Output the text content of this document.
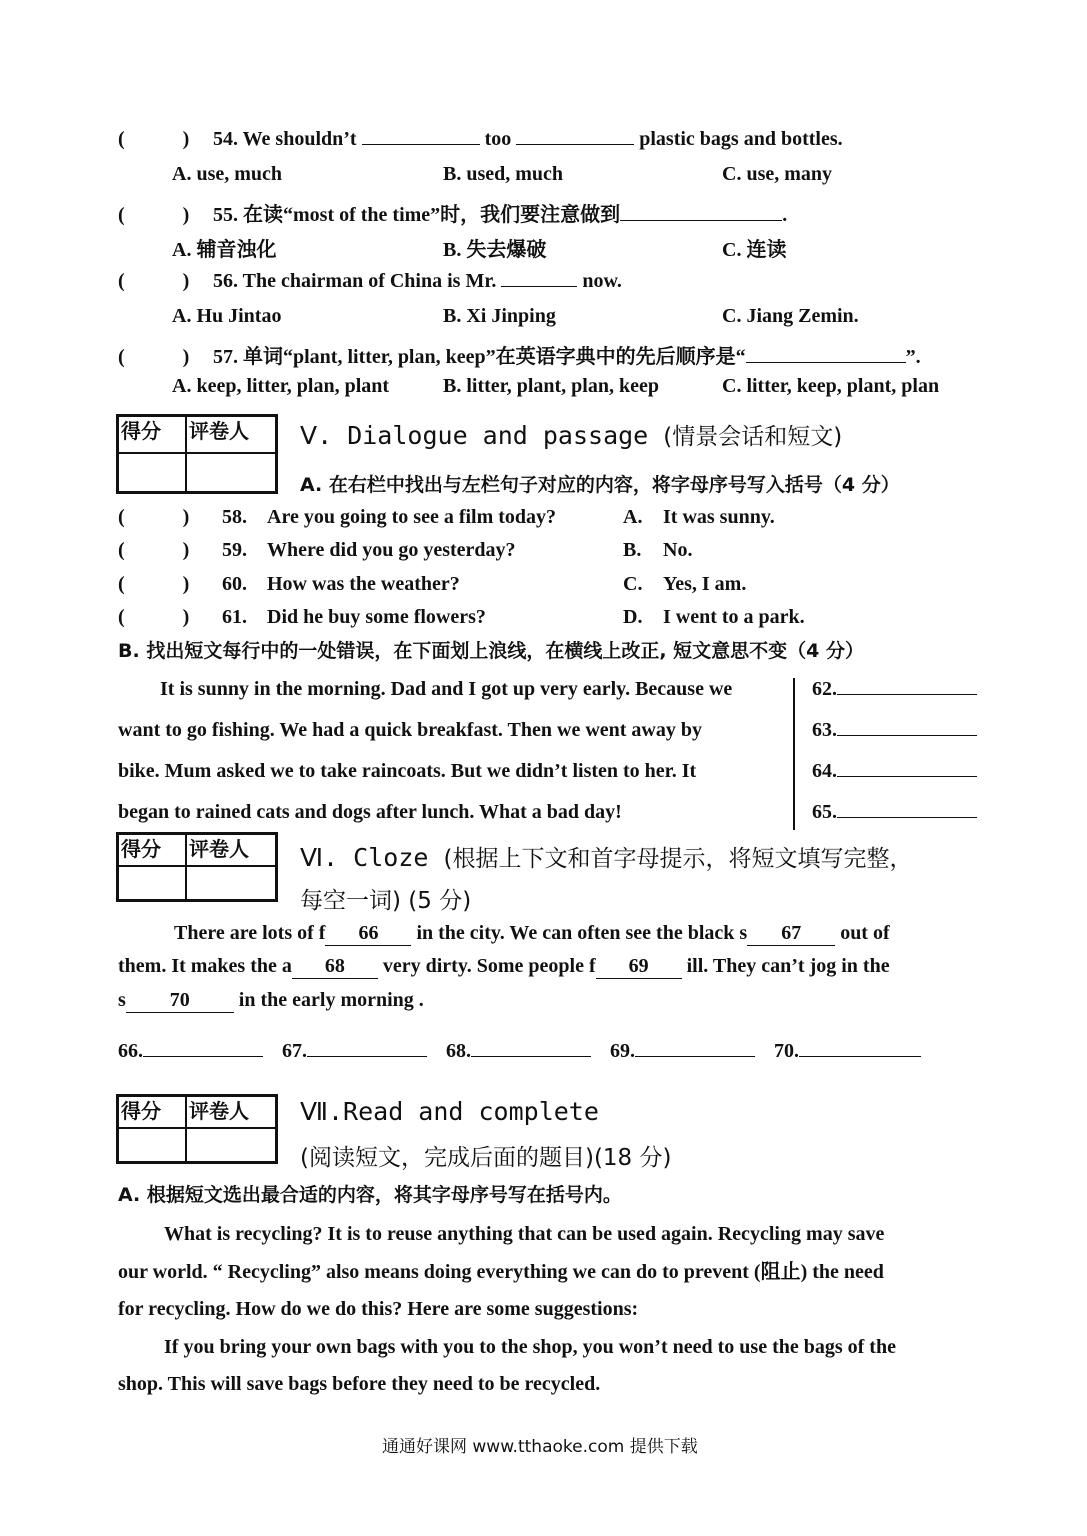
(	) 54. We shouldn’t	too	plastic bags and bottles.
A. use, much	B. used, much	C. use, many
(	) 55. 在读“most of the time”时，我们要注意做到	.
A. 辅音浊化	B. 失去爆破	C. 连读
(	) 56. The chairman of China is Mr.	now.
A. Hu Jintao	B. Xi Jinping	C. Jiang Zemin.
(	) 57. 单词“plant, litter, plan, keep”在英语字典中的先后顺序是“	”.
A. keep, litter, plan, plant	B. litter, plant, plan, keep	C. litter, keep, plant, plan
得分	评卷人	Ⅴ. Dialogue and passage (情景会话和短文)
A. 在右栏中找出与左栏句子对应的内容，将字母序号写入括号（4 分）
(	) 58. Are you going to see a film today?	A. It was sunny.
(	) 59. Where did you go yesterday?	B. No.
(	) 60. How was the weather?	C. Yes, I am.
(	) 61. Did he buy some flowers?	D. I went to a park.
B. 找出短文每行中的一处错误，在下面划上浪线，在横线上改正, 短文意思不变（4 分）
It is sunny in the morning. Dad and I got up very early. Because we
want to go fishing. We had a quick breakfast. Then we went away by
bike. Mum asked we to take raincoats. But we didn’t listen to her. It
began to rained cats and dogs after lunch. What a bad day!
62.
63.
64.
65.
得分	评卷人	Ⅵ. Cloze (根据上下文和首字母提示，将短文填写完整，
每空一词) (5 分)
There are lots of f 66 in the city. We can often see the black s 67 out of
them. It makes the a 68 very dirty. Some people f 69 ill. They can’t jog in the
s 70 in the early morning .
66.	67.	68.	69.	70.
得分	评卷人	Ⅶ.Read and complete
(阅读短文，完成后面的题目)(18 分)
A. 根据短文选出最合适的内容，将其字母序号写在括号内。
What is recycling? It is to reuse anything that can be used again. Recycling may save
our world. “ Recycling” also means doing everything we can do to prevent (阻止) the need
for recycling. How do we do this? Here are some suggestions:
If you bring your own bags with you to the shop, you won’t need to use the bags of the
shop. This will save bags before they need to be recycled.
通通好课网 www.tthaoke.com 提供下载
